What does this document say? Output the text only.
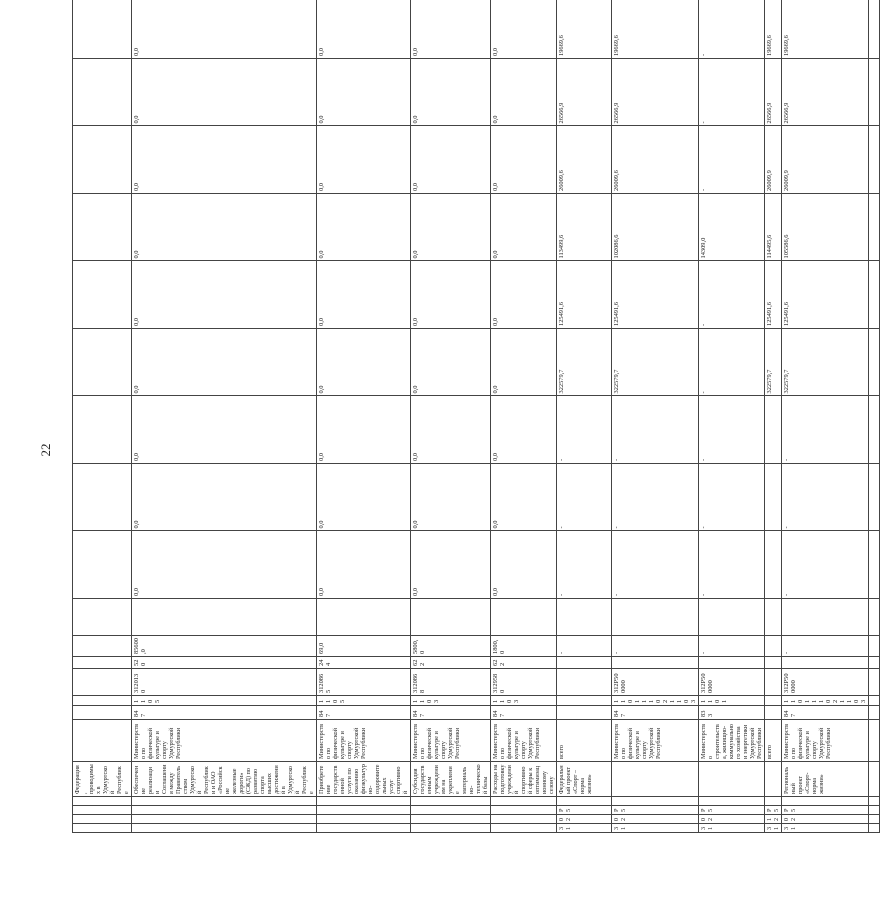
22
				Федерация, проводимых в Удмуртской Республике																	
				Обеспечение реализации Соглашения между Правительством Удмуртской Республики и ОАО «Российские железные дороги» (СЖД) по развитию спорта высших достижений в Удмуртской Республике	Министерство по физической культуре и спорту Удмуртской Республики	847	1105	3120130	520	85600,0		0,0	0,0	0,0	0,0	0,0	0,0	0,0	0,0	0,0	
				Приобретение государственной услуги по оказанию физкультурно-оздоровительных услуг спортивной	Министерство по физической культуре и спорту Удмуртской Республики	847	1105	3120865	244	69,0		0,0	0,0	0,0	0,0	0,0	0,0	0,0	0,0	0,0	
				Субсидия государственным учреждениям на укрепление материально-технической базы	Министерство по физической культуре и спорту Удмуртской Республики	847	1103	3120868	622	5800,0		0,0	0,0	0,0	0,0	0,0	0,0	0,0	0,0	0,0	
				Расходы на подготовку учреждений спортивной сферы к оптимизационному сезону	Министерство по физической культуре и спорту Удмуртской Республики	847	1103	3129580	622	1800,0		0,0	0,0	0,0	0,0	0,0	0,0	0,0	0,0	0,0	
31	02	Р5		Федеральный проект «Спорт – норма жизни»	всего					-		-	-	-	322579,7	125491,6	113499,6	26009,6	26566,9	19669,6	
31	02	Р5			Министерство по физической культуре и спорту Удмуртской Республики	847	1101 1102 1103	312Р500000		-		-	-	-	322579,7	125491,6	102086,6	26009,6	26566,9	19669,6	
31	02	Р5			Министерство строительства, жилищно-коммунального хозяйства и энергетики Удмуртской Республики	833	1101	312Р500000		-		-	-	-	-	-	14309,0	-	-	-	
31	12	Р5			всего										322579,7	125491,6	114495,6	26009,9	26566,9	19669,6	
31	02	Р5		Региональный проект «Спорт-норма жизни»	Министерство по физической культуре и спорту Удмуртской Республики	847	1101 1102 1103	312Р500000		-		-	-	-	322579,7	125491,6	105586,6	26009,9	26566,9	19669,6	
